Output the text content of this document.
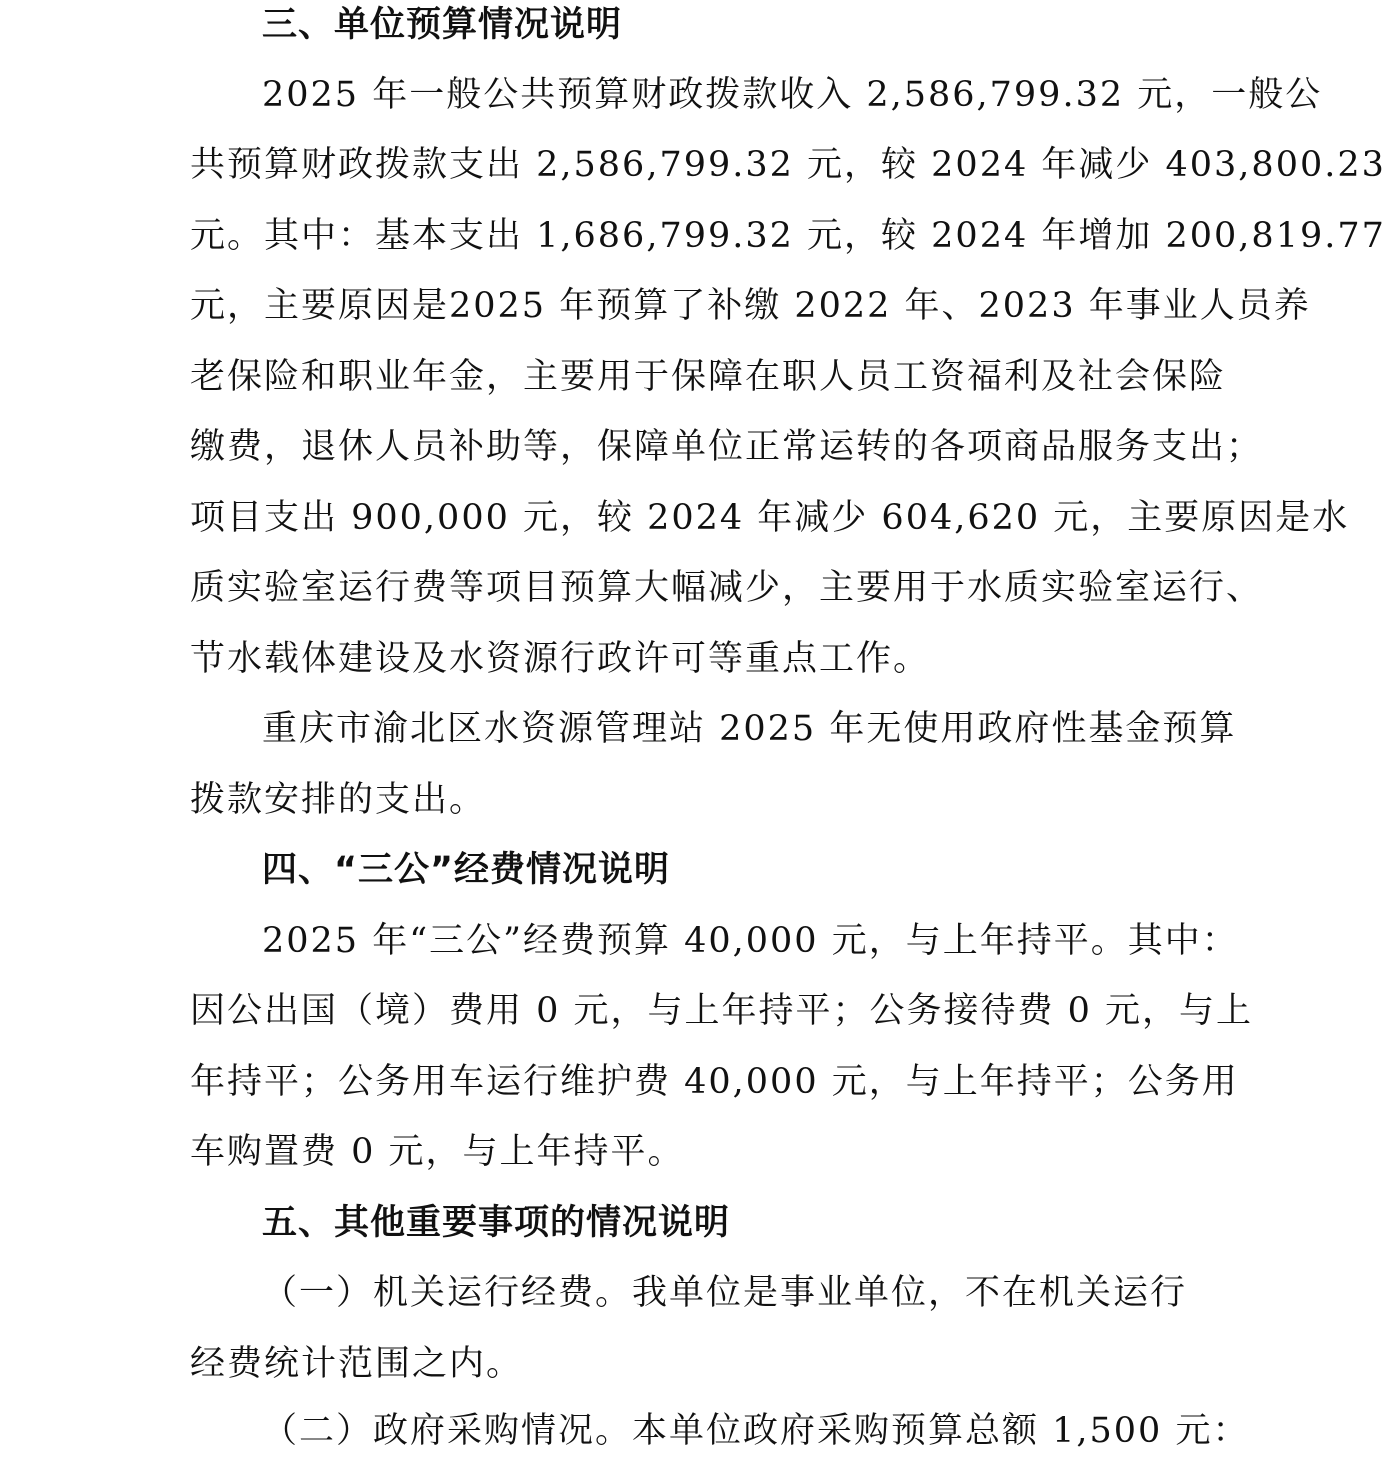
三、单位预算情况说明
2025 年一般公共预算财政拨款收入 2,586,799.32 元，一般公
共预算财政拨款支出 2,586,799.32 元，较 2024 年减少 403,800.23
元。其中：基本支出 1,686,799.32 元，较 2024 年增加 200,819.77
元，主要原因是2025 年预算了补缴 2022 年、2023 年事业人员养
老保险和职业年金，主要用于保障在职人员工资福利及社会保险
缴费，退休人员补助等，保障单位正常运转的各项商品服务支出；
项目支出 900,000 元，较 2024 年减少 604,620 元，主要原因是水
质实验室运行费等项目预算大幅减少，主要用于水质实验室运行、
节水载体建设及水资源行政许可等重点工作。
重庆市渝北区水资源管理站 2025 年无使用政府性基金预算
拨款安排的支出。
四、“三公”经费情况说明
2025 年“三公”经费预算 40,000 元，与上年持平。其中：
因公出国（境）费用 0 元，与上年持平；公务接待费 0 元，与上
年持平；公务用车运行维护费 40,000 元，与上年持平；公务用
车购置费 0 元，与上年持平。
五、其他重要事项的情况说明
（一）机关运行经费。我单位是事业单位，不在机关运行
经费统计范围之内。
（二）政府采购情况。本单位政府采购预算总额 1,500 元：
